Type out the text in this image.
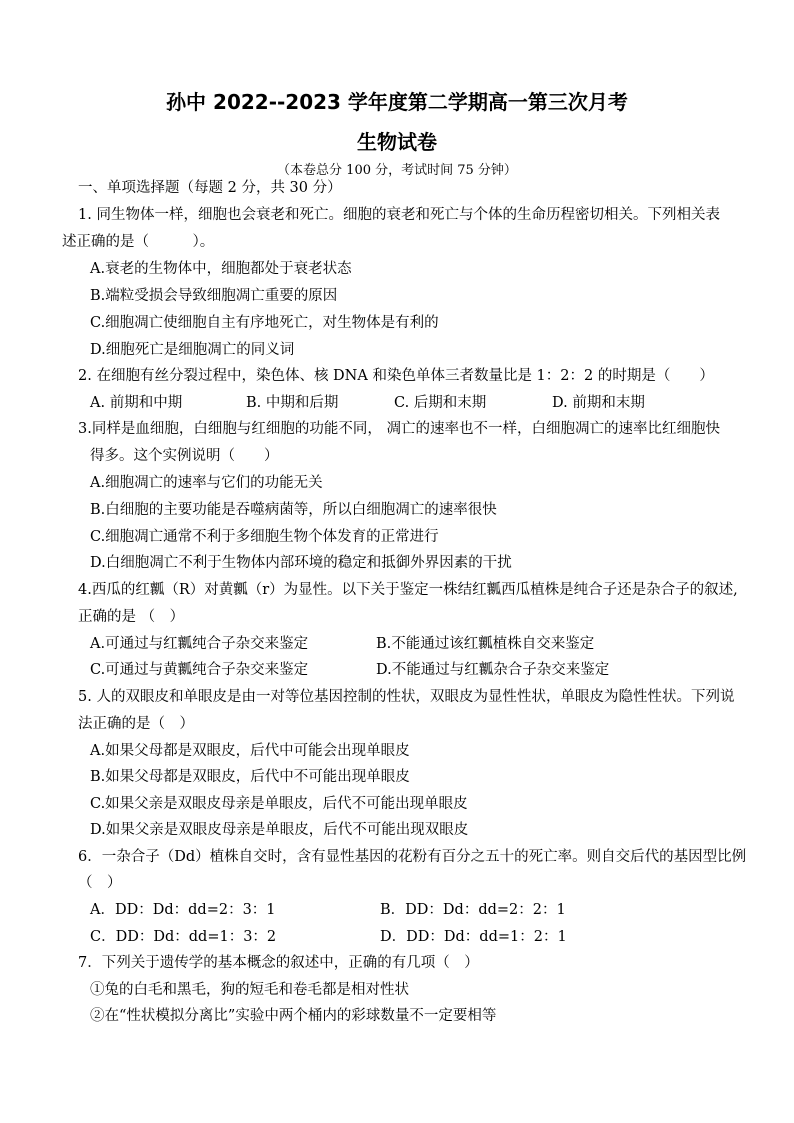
孙中 2022--2023 学年度第二学期高一第三次月考
生物试卷
（本卷总分 100 分，考试时间 75 分钟）
一、单项选择题（每题 2 分，共 30 分）
1. 同生物体一样，细胞也会衰老和死亡。细胞的衰老和死亡与个体的生命历程密切相关。下列相关表
述正确的是（　　　）。
A.衰老的生物体中，细胞都处于衰老状态
B.端粒受损会导致细胞凋亡重要的原因
C.细胞凋亡使细胞自主有序地死亡，对生物体是有利的
D.细胞死亡是细胞凋亡的同义词
2. 在细胞有丝分裂过程中，染色体、核 DNA 和染色单体三者数量比是 1：2：2 的时期是（　　）
A. 前期和中期	B. 中期和后期	C. 后期和末期	D. 前期和末期
3.同样是血细胞，白细胞与红细胞的功能不同， 凋亡的速率也不一样，白细胞凋亡的速率比红细胞快
得多。这个实例说明（　　）
A.细胞凋亡的速率与它们的功能无关
B.白细胞的主要功能是吞噬病菌等，所以白细胞凋亡的速率很快
C.细胞凋亡通常不利于多细胞生物个体发育的正常进行
D.白细胞凋亡不利于生物体内部环境的稳定和抵御外界因素的干扰
4.西瓜的红瓤（R）对黄瓤（r）为显性。以下关于鉴定一株结红瓤西瓜植株是纯合子还是杂合子的叙述,
正确的是 （　）
A.可通过与红瓤纯合子杂交来鉴定	B.不能通过该红瓤植株自交来鉴定
C.可通过与黄瓤纯合子杂交来鉴定	D.不能通过与红瓤杂合子杂交来鉴定
5. 人的双眼皮和单眼皮是由一对等位基因控制的性状，双眼皮为显性性状，单眼皮为隐性性状。下列说
法正确的是（　）
A.如果父母都是双眼皮，后代中可能会出现单眼皮
B.如果父母都是双眼皮，后代中不可能出现单眼皮
C.如果父亲是双眼皮母亲是单眼皮，后代不可能出现单眼皮
D.如果父亲是双眼皮母亲是单眼皮，后代不可能出现双眼皮
6．一杂合子（Dd）植株自交时，含有显性基因的花粉有百分之五十的死亡率。则自交后代的基因型比例
（　）
A．DD：Dd：dd=2：3：1	B．DD：Dd：dd=2：2：1
C．DD：Dd：dd=1：3：2	D．DD：Dd：dd=1：2：1
7．下列关于遗传学的基本概念的叙述中，正确的有几项（　）
①兔的白毛和黑毛，狗的短毛和卷毛都是相对性状
②在“性状模拟分离比”实验中两个桶内的彩球数量不一定要相等
